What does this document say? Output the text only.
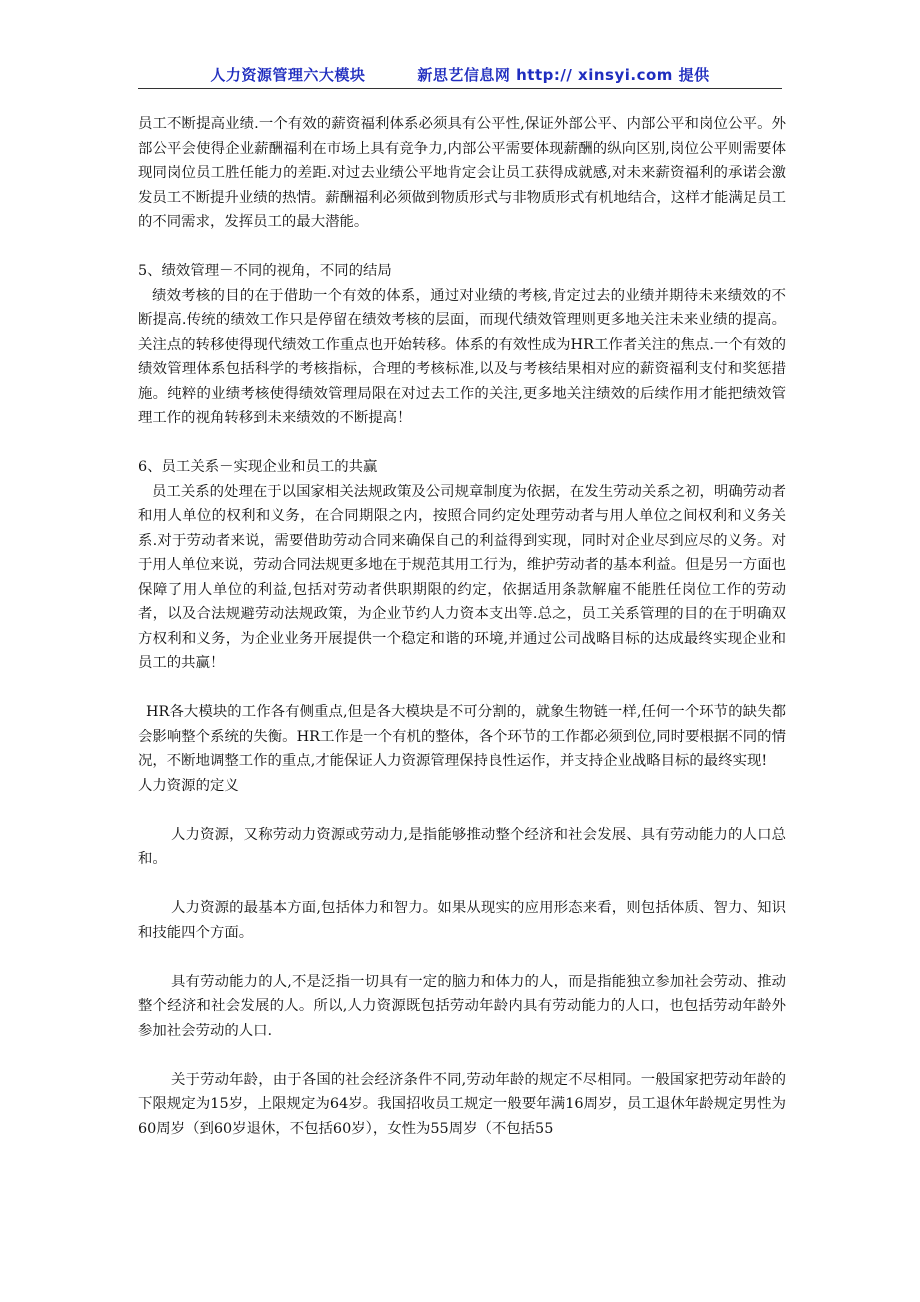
人力资源管理六大模块	新思艺信息网 http:// xinsyi.com 提供

员工不断提高业绩.一个有效的薪资福利体系必须具有公平性,保证外部公平、内部公平和岗位公平。外部公平会使得企业薪酬福利在市场上具有竞争力,内部公平需要体现薪酬的纵向区别,岗位公平则需要体现同岗位员工胜任能力的差距.对过去业绩公平地肯定会让员工获得成就感,对未来薪资福利的承诺会激发员工不断提升业绩的热情。薪酬福利必须做到物质形式与非物质形式有机地结合，这样才能满足员工的不同需求，发挥员工的最大潜能。

5、绩效管理－不同的视角，不同的结局

绩效考核的目的在于借助一个有效的体系，通过对业绩的考核,肯定过去的业绩并期待未来绩效的不断提高.传统的绩效工作只是停留在绩效考核的层面，而现代绩效管理则更多地关注未来业绩的提高。关注点的转移使得现代绩效工作重点也开始转移。体系的有效性成为HR工作者关注的焦点.一个有效的绩效管理体系包括科学的考核指标，合理的考核标准,以及与考核结果相对应的薪资福利支付和奖惩措施。纯粹的业绩考核使得绩效管理局限在对过去工作的关注,更多地关注绩效的后续作用才能把绩效管理工作的视角转移到未来绩效的不断提高！

6、员工关系－实现企业和员工的共赢

员工关系的处理在于以国家相关法规政策及公司规章制度为依据，在发生劳动关系之初，明确劳动者和用人单位的权利和义务，在合同期限之内，按照合同约定处理劳动者与用人单位之间权利和义务关系.对于劳动者来说，需要借助劳动合同来确保自己的利益得到实现，同时对企业尽到应尽的义务。对于用人单位来说，劳动合同法规更多地在于规范其用工行为，维护劳动者的基本利益。但是另一方面也保障了用人单位的利益,包括对劳动者供职期限的约定，依据适用条款解雇不能胜任岗位工作的劳动者，以及合法规避劳动法规政策，为企业节约人力资本支出等.总之，员工关系管理的目的在于明确双方权利和义务，为企业业务开展提供一个稳定和谐的环境,并通过公司战略目标的达成最终实现企业和员工的共赢！

HR各大模块的工作各有侧重点,但是各大模块是不可分割的，就象生物链一样,任何一个环节的缺失都会影响整个系统的失衡。HR工作是一个有机的整体，各个环节的工作都必须到位,同时要根据不同的情况，不断地调整工作的重点,才能保证人力资源管理保持良性运作，并支持企业战略目标的最终实现!

人力资源的定义

人力资源，又称劳动力资源或劳动力,是指能够推动整个经济和社会发展、具有劳动能力的人口总和。

人力资源的最基本方面,包括体力和智力。如果从现实的应用形态来看，则包括体质、智力、知识和技能四个方面。

具有劳动能力的人,不是泛指一切具有一定的脑力和体力的人，而是指能独立参加社会劳动、推动整个经济和社会发展的人。所以,人力资源既包括劳动年龄内具有劳动能力的人口，也包括劳动年龄外参加社会劳动的人口.

关于劳动年龄，由于各国的社会经济条件不同,劳动年龄的规定不尽相同。一般国家把劳动年龄的下限规定为15岁，上限规定为64岁。我国招收员工规定一般要年满16周岁，员工退休年龄规定男性为60周岁（到60岁退休，不包括60岁），女性为55周岁（不包括55
